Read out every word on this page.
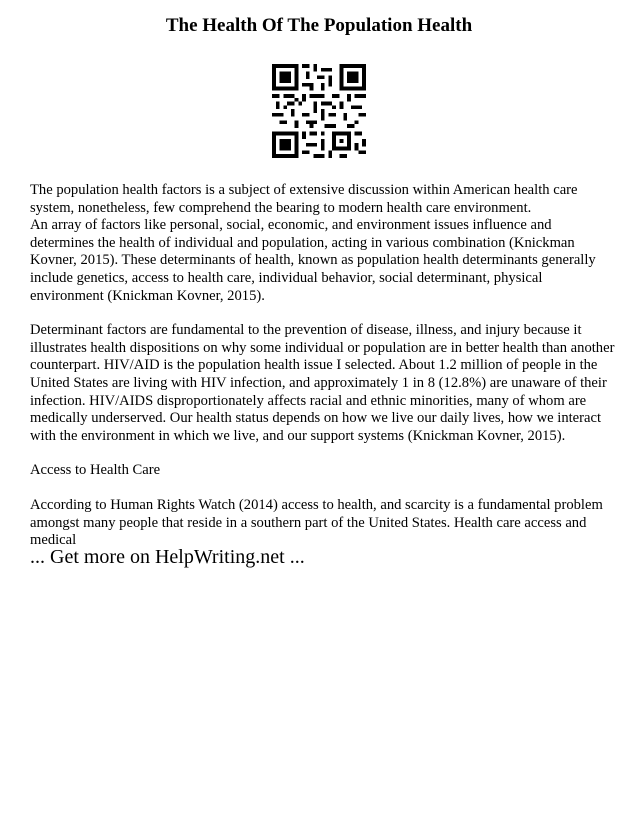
The Health Of The Population Health

The population health factors is a subject of extensive discussion within American health care system, nonetheless, few comprehend the bearing to modern health care environment.

An array of factors like personal, social, economic, and environment issues influence and determines the health of individual and population, acting in various combination (Knickman Kovner, 2015). These determinants of health, known as population health determinants generally include genetics, access to health care, individual behavior, social determinant, physical environment (Knickman Kovner, 2015).

Determinant factors are fundamental to the prevention of disease, illness, and injury because it illustrates health dispositions on why some individual or population are in better health than another counterpart. HIV/AID is the population health issue I selected. About 1.2 million of people in the United States are living with HIV infection, and approximately 1 in 8 (12.8%) are unaware of their infection. HIV/AIDS disproportionately affects racial and ethnic minorities, many of whom are medically underserved. Our health status depends on how we live our daily lives, how we interact with the environment in which we live, and our support systems (Knickman Kovner, 2015).

Access to Health Care

According to Human Rights Watch (2014) access to health, and scarcity is a fundamental problem amongst many people that reside in a southern part of the United States. Health care access and medical

... Get more on HelpWriting.net ...
